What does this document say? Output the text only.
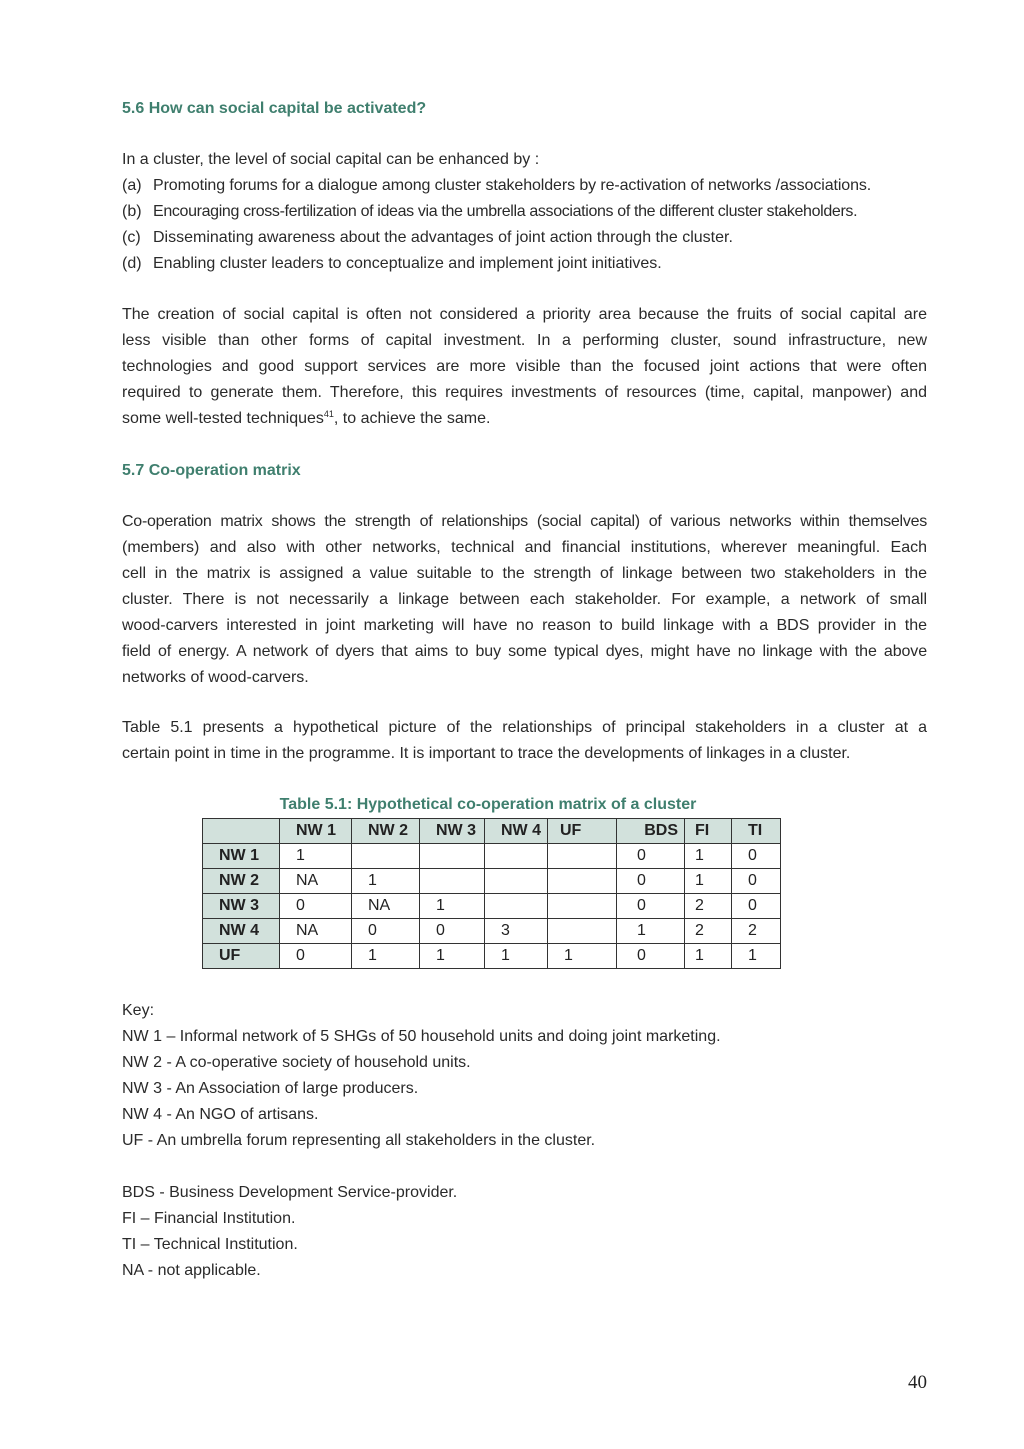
5.6 How can social capital be activated?
In a cluster, the level of social capital can be enhanced by :
(a) Promoting forums for a dialogue among cluster stakeholders by re-activation of networks /associations.
(b) Encouraging cross-fertilization of ideas via the umbrella associations of the different cluster stakeholders.
(c) Disseminating awareness about the advantages of joint action through the cluster.
(d) Enabling cluster leaders to conceptualize and implement joint initiatives.
The creation of social capital is often not considered a priority area because the fruits of social capital are
less visible than other forms of capital investment. In a performing cluster, sound infrastructure, new
technologies and good support services are more visible than the focused joint actions that were often
required to generate them. Therefore, this requires investments of resources (time, capital, manpower) and
some well-tested techniques$^{41}$, to achieve the same.
5.7 Co-operation matrix
Co-operation matrix shows the strength of relationships (social capital) of various networks within themselves
(members) and also with other networks, technical and financial institutions, wherever meaningful. Each
cell in the matrix is assigned a value suitable to the strength of linkage between two stakeholders in the
cluster. There is not necessarily a linkage between each stakeholder. For example, a network of small
wood-carvers interested in joint marketing will have no reason to build linkage with a BDS provider in the
field of energy. A network of dyers that aims to buy some typical dyes, might have no linkage with the above
networks of wood-carvers.
Table 5.1 presents a hypothetical picture of the relationships of principal stakeholders in a cluster at a
certain point in time in the programme. It is important to trace the developments of linkages in a cluster.
Table 5.1: Hypothetical co-operation matrix of a cluster
	NW 1	NW 2	NW 3	NW 4	UF	BDS	FI	TI
NW 1	1					0	1	0
NW 2	NA	1				0	1	0
NW 3	0	NA	1			0	2	0
NW 4	NA	0	0	3		1	2	2
UF	0	1	1	1	1	0	1	1
Key:
NW 1 – Informal network of 5 SHGs of 50 household units and doing joint marketing.
NW 2 - A co-operative society of household units.
NW 3 - An Association of large producers.
NW 4 - An NGO of artisans.
UF - An umbrella forum representing all stakeholders in the cluster.
BDS - Business Development Service-provider.
FI – Financial Institution.
TI – Technical Institution.
NA - not applicable.
40
